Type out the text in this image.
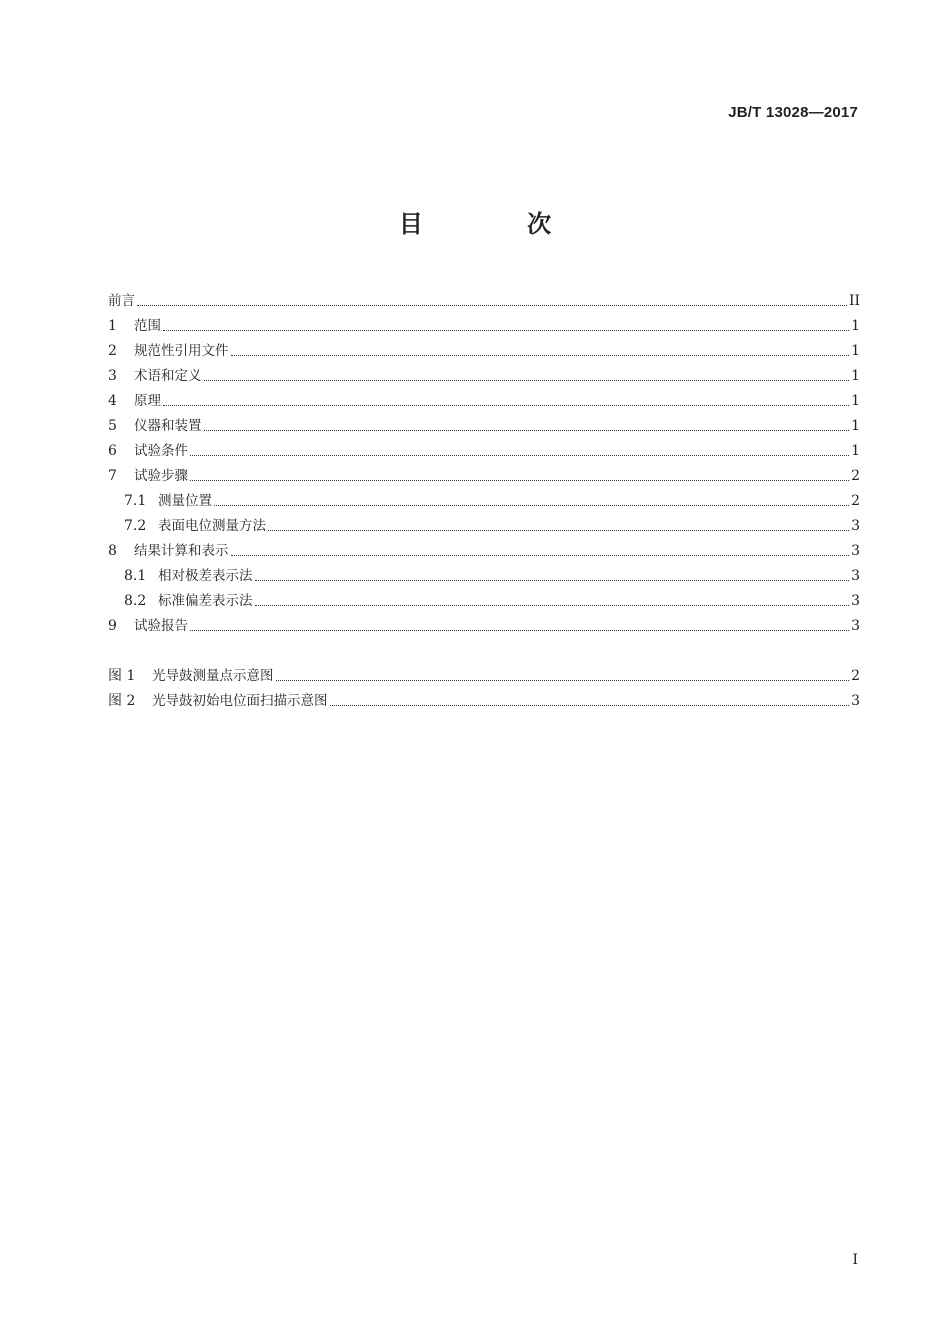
JB/T 13028—2017
目 次
前言	II
1	范围	1
2	规范性引用文件	1
3	术语和定义	1
4	原理	1
5	仪器和装置	1
6	试验条件	1
7	试验步骤	2
7.1 测量位置	2
7.2 表面电位测量方法	3
8	结果计算和表示	3
8.1 相对极差表示法	3
8.2 标准偏差表示法	3
9	试验报告	3
图 1	光导鼓测量点示意图	2
图 2	光导鼓初始电位面扫描示意图	3
I
